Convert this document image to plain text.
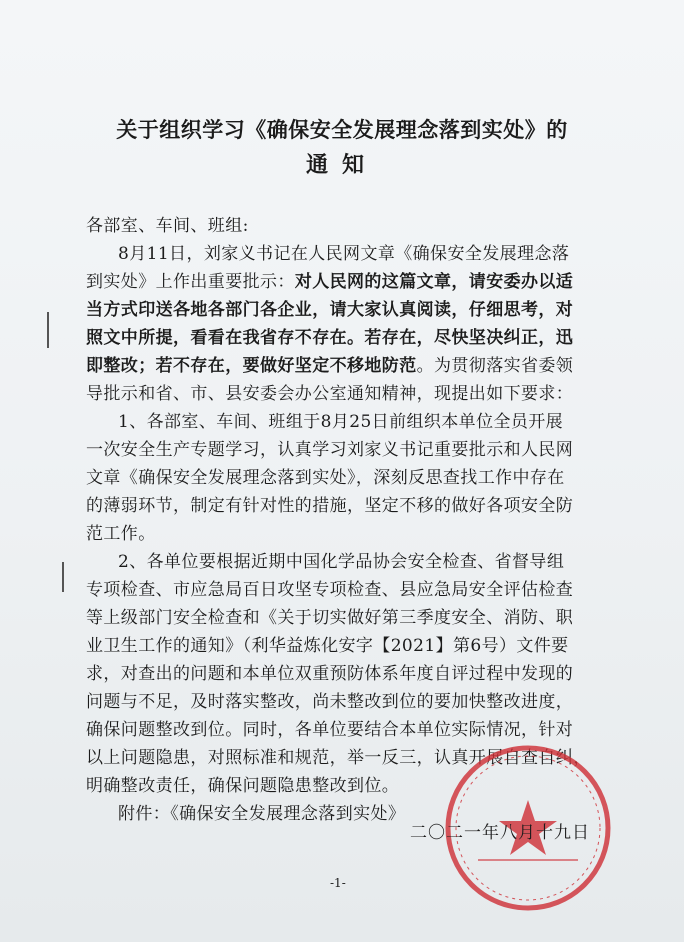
关于组织学习《确保安全发展理念落到实处》的
通知
各部室、车间、班组:
8月11日，刘家义书记在人民网文章《确保安全发展理念落
到实处》上作出重要批示：对人民网的这篇文章，请安委办以适
当方式印送各地各部门各企业，请大家认真阅读，仔细思考，对
照文中所提，看看在我省存不存在。若存在，尽快坚决纠正，迅
即整改；若不存在，要做好坚定不移地防范。为贯彻落实省委领
导批示和省、市、县安委会办公室通知精神，现提出如下要求：
1、各部室、车间、班组于8月25日前组织本单位全员开展
一次安全生产专题学习，认真学习刘家义书记重要批示和人民网
文章《确保安全发展理念落到实处》，深刻反思查找工作中存在
的薄弱环节，制定有针对性的措施，坚定不移的做好各项安全防
范工作。
2、各单位要根据近期中国化学品协会安全检查、省督导组
专项检查、市应急局百日攻坚专项检查、县应急局安全评估检查
等上级部门安全检查和《关于切实做好第三季度安全、消防、职
业卫生工作的通知》（利华益炼化安字【2021】第6号）文件要
求，对查出的问题和本单位双重预防体系年度自评过程中发现的
问题与不足，及时落实整改，尚未整改到位的要加快整改进度，
确保问题整改到位。同时，各单位要结合本单位实际情况，针对
以上问题隐患，对照标准和规范，举一反三，认真开展自查自纠，
明确整改责任，确保问题隐患整改到位。
附件：《确保安全发展理念落到实处》
二〇二一年八月十九日
-1-
